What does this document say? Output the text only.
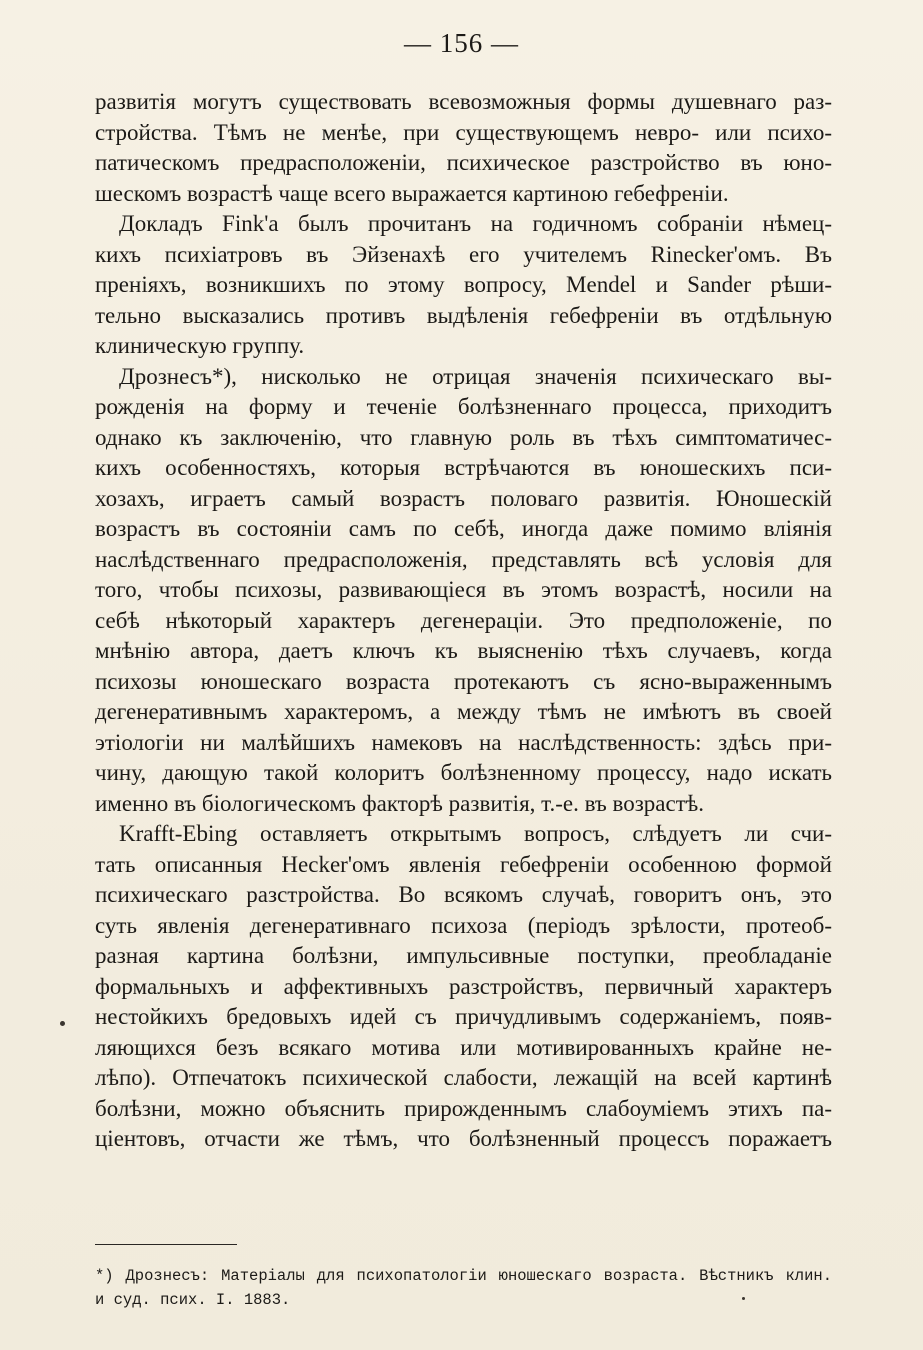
— 156 —
развитія могутъ существовать всевозможныя формы душевнаго раз-
стройства. Тѣмъ не менѣе, при существующемъ невро- или психо-
патическомъ предрасположеніи, психическое разстройство въ юно-
шескомъ возрастѣ чаще всего выражается картиною гебефреніи.
Докладъ Fink'а былъ прочитанъ на годичномъ собраніи нѣмец-
кихъ психіатровъ въ Эйзенахѣ его учителемъ Rinecker'омъ. Въ
преніяхъ, возникшихъ по этому вопросу, Mendel и Sander рѣши-
тельно высказались противъ выдѣленія гебефреніи въ отдѣльную
клиническую группу.
Дрознесъ*), нисколько не отрицая значенія психическаго вы-
рожденія на форму и теченіе болѣзненнаго процесса, приходитъ
однако къ заключенію, что главную роль въ тѣхъ симптоматичес-
кихъ особенностяхъ, которыя встрѣчаются въ юношескихъ пси-
хозахъ, играетъ самый возрастъ половаго развитія. Юношескій
возрастъ въ состояніи самъ по себѣ, иногда даже помимо вліянія
наслѣдственнаго предрасположенія, представлять всѣ условія для
того, чтобы психозы, развивающіеся въ этомъ возрастѣ, носили на
себѣ нѣкоторый характеръ дегенераціи. Это предположеніе, по
мнѣнію автора, даетъ ключъ къ выясненію тѣхъ случаевъ, когда
психозы юношескаго возраста протекаютъ съ ясно-выраженнымъ
дегенеративнымъ характеромъ, а между тѣмъ не имѣютъ въ своей
этіологіи ни малѣйшихъ намековъ на наслѣдственность: здѣсь при-
чину, дающую такой колоритъ болѣзненному процессу, надо искать
именно въ біологическомъ факторѣ развитія, т.-е. въ возрастѣ.
Krafft-Ebing оставляетъ открытымъ вопросъ, слѣдуетъ ли счи-
тать описанныя Hecker'омъ явленія гебефреніи особенною формой
психическаго разстройства. Во всякомъ случаѣ, говоритъ онъ, это
суть явленія дегенеративнаго психоза (періодъ зрѣлости, протеоб-
разная картина болѣзни, импульсивные поступки, преобладаніе
формальныхъ и аффективныхъ разстройствъ, первичный характеръ
нестойкихъ бредовыхъ идей съ причудливымъ содержаніемъ, появ-
ляющихся безъ всякаго мотива или мотивированныхъ крайне не-
лѣпо). Отпечатокъ психической слабости, лежащій на всей картинѣ
болѣзни, можно объяснить прирожденнымъ слабоуміемъ этихъ па-
ціентовъ, отчасти же тѣмъ, что болѣзненный процессъ поражаетъ
*) Дрознесъ: Матеріалы для психопатологіи юношескаго возраста. Вѣстникъ клин.
и суд. псих. I. 1883.
